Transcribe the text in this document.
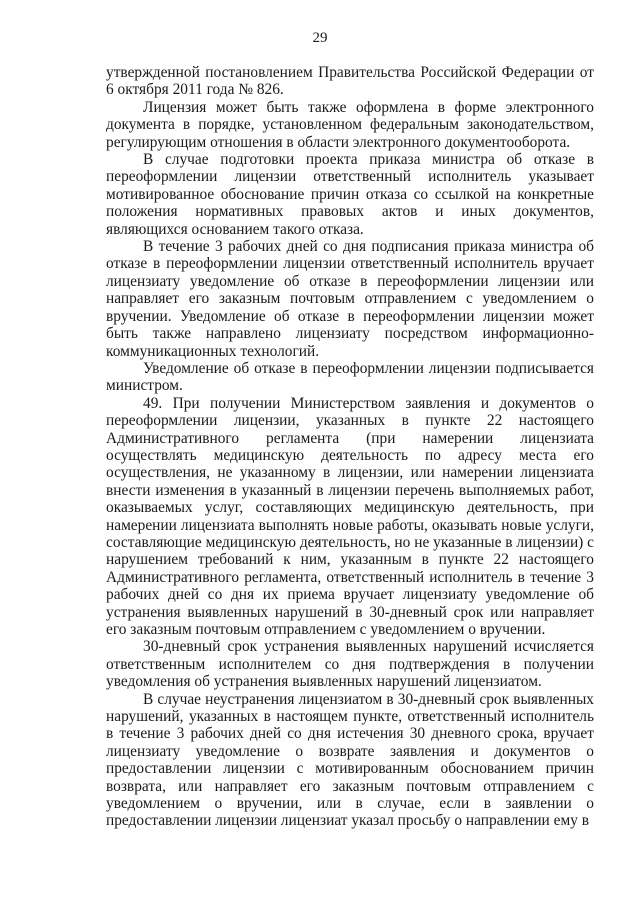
29

утвержденной постановлением Правительства Российской Федерации от 6 октября 2011 года № 826.

Лицензия может быть также оформлена в форме электронного документа в порядке, установленном федеральным законодательством, регулирующим отношения в области электронного документооборота.

В случае подготовки проекта приказа министра об отказе в переоформлении лицензии ответственный исполнитель указывает мотивированное обоснование причин отказа со ссылкой на конкретные положения нормативных правовых актов и иных документов, являющихся основанием такого отказа.

В течение 3 рабочих дней со дня подписания приказа министра об отказе в переоформлении лицензии ответственный исполнитель вручает лицензиату уведомление об отказе в переоформлении лицензии или направляет его заказным почтовым отправлением с уведомлением о вручении. Уведомление об отказе в переоформлении лицензии может быть также направлено лицензиату посредством информационно-коммуникационных технологий.

Уведомление об отказе в переоформлении лицензии подписывается министром.

49. При получении Министерством заявления и документов о переоформлении лицензии, указанных в пункте 22 настоящего Административного регламента (при намерении лицензиата осуществлять медицинскую деятельность по адресу места его осуществления, не указанному в лицензии, или намерении лицензиата внести изменения в указанный в лицензии перечень выполняемых работ, оказываемых услуг, составляющих медицинскую деятельность, при намерении лицензиата выполнять новые работы, оказывать новые услуги, составляющие медицинскую деятельность, но не указанные в лицензии) с нарушением требований к ним, указанным в пункте 22 настоящего Административного регламента, ответственный исполнитель в течение 3 рабочих дней со дня их приема вручает лицензиату уведомление об устранения выявленных нарушений в 30-дневный срок или направляет его заказным почтовым отправлением с уведомлением о вручении.

30-дневный срок устранения выявленных нарушений исчисляется ответственным исполнителем со дня подтверждения в получении уведомления об устранения выявленных нарушений лицензиатом.

В случае неустранения лицензиатом в 30-дневный срок выявленных нарушений, указанных в настоящем пункте, ответственный исполнитель в течение 3 рабочих дней со дня истечения 30 дневного срока, вручает лицензиату уведомление о возврате заявления и документов о предоставлении лицензии с мотивированным обоснованием причин возврата, или направляет его заказным почтовым отправлением с уведомлением о вручении, или в случае, если в заявлении о предоставлении лицензии лицензиат указал просьбу о направлении ему в
